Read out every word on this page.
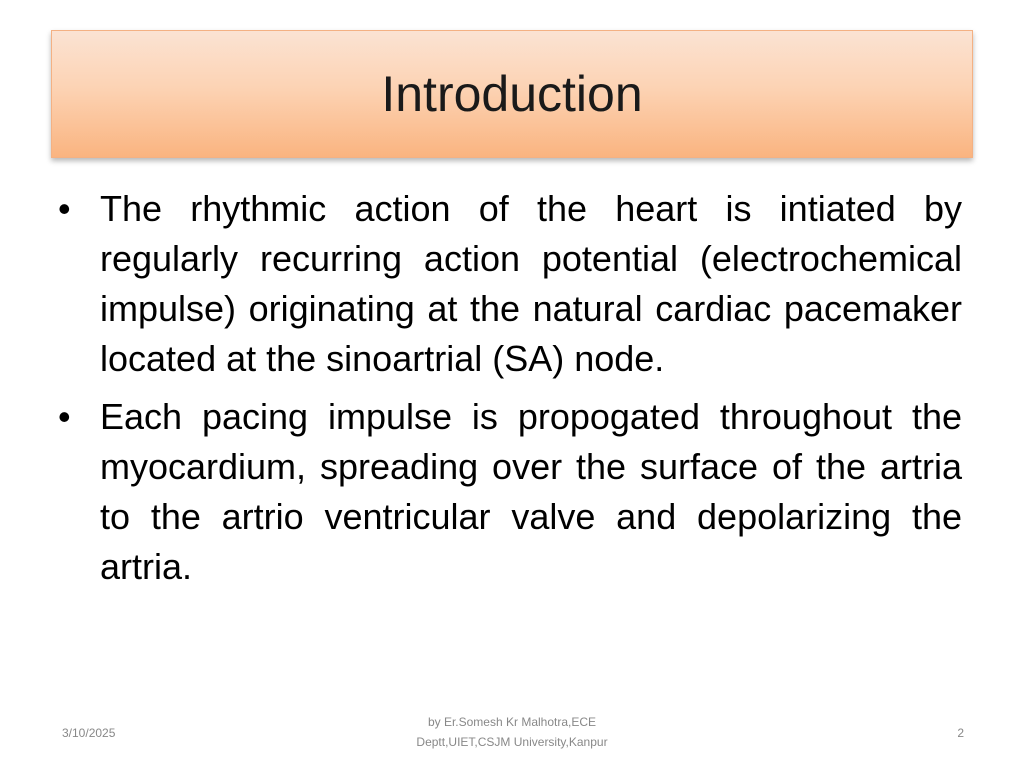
Introduction
• The rhythmic action of the heart is intiated by regularly recurring action potential (electrochemical impulse) originating at the natural cardiac pacemaker located at the sinoartrial (SA) node.
• Each pacing impulse is propogated throughout the myocardium, spreading over the surface of the artria to the artrio ventricular valve and depolarizing the artria.
3/10/2025
by Er.Somesh Kr Malhotra,ECE
Deptt,UIET,CSJM University,Kanpur
2
